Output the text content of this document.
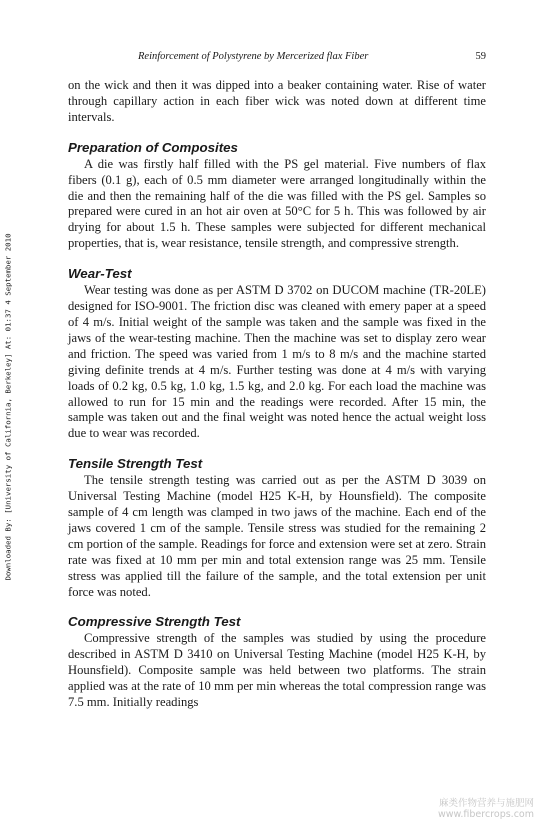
Reinforcement of Polystyrene by Mercerized flax Fiber	59
Downloaded By: [University of California, Berkeley] At: 01:37 4 September 2010

on the wick and then it was dipped into a beaker containing water. Rise of water through capillary action in each fiber wick was noted down at different time intervals.

Preparation of Composites

A die was firstly half filled with the PS gel material. Five numbers of flax fibers (0.1 g), each of 0.5 mm diameter were arranged longitudinally within the die and then the remaining half of the die was filled with the PS gel. Samples so prepared were cured in an hot air oven at 50°C for 5 h. This was followed by air drying for about 1.5 h. These samples were subjected for different mechanical properties, that is, wear resistance, tensile strength, and compressive strength.

Wear-Test

Wear testing was done as per ASTM D 3702 on DUCOM machine (TR-20LE) designed for ISO-9001. The friction disc was cleaned with emery paper at a speed of 4 m/s. Initial weight of the sample was taken and the sample was fixed in the jaws of the wear-testing machine. Then the machine was set to display zero wear and friction. The speed was varied from 1 m/s to 8 m/s and the machine started giving definite trends at 4 m/s. Further testing was done at 4 m/s with varying loads of 0.2 kg, 0.5 kg, 1.0 kg, 1.5 kg, and 2.0 kg. For each load the machine was allowed to run for 15 min and the readings were recorded. After 15 min, the sample was taken out and the final weight was noted hence the actual weight loss due to wear was recorded.

Tensile Strength Test

The tensile strength testing was carried out as per the ASTM D 3039 on Universal Testing Machine (model H25 K-H, by Hounsfield). The composite sample of 4 cm length was clamped in two jaws of the machine. Each end of the jaws covered 1 cm of the sample. Tensile stress was studied for the remaining 2 cm portion of the sample. Readings for force and extension were set at zero. Strain rate was fixed at 10 mm per min and total extension range was 25 mm. Tensile stress was applied till the failure of the sample, and the total extension per unit force was noted.

Compressive Strength Test

Compressive strength of the samples was studied by using the procedure described in ASTM D 3410 on Universal Testing Machine (model H25 K-H, by Hounsfield). Composite sample was held between two platforms. The strain applied was at the rate of 10 mm per min whereas the total compression range was 7.5 mm. Initially readings

麻类作物营养与施肥网
www.fibercrops.com
